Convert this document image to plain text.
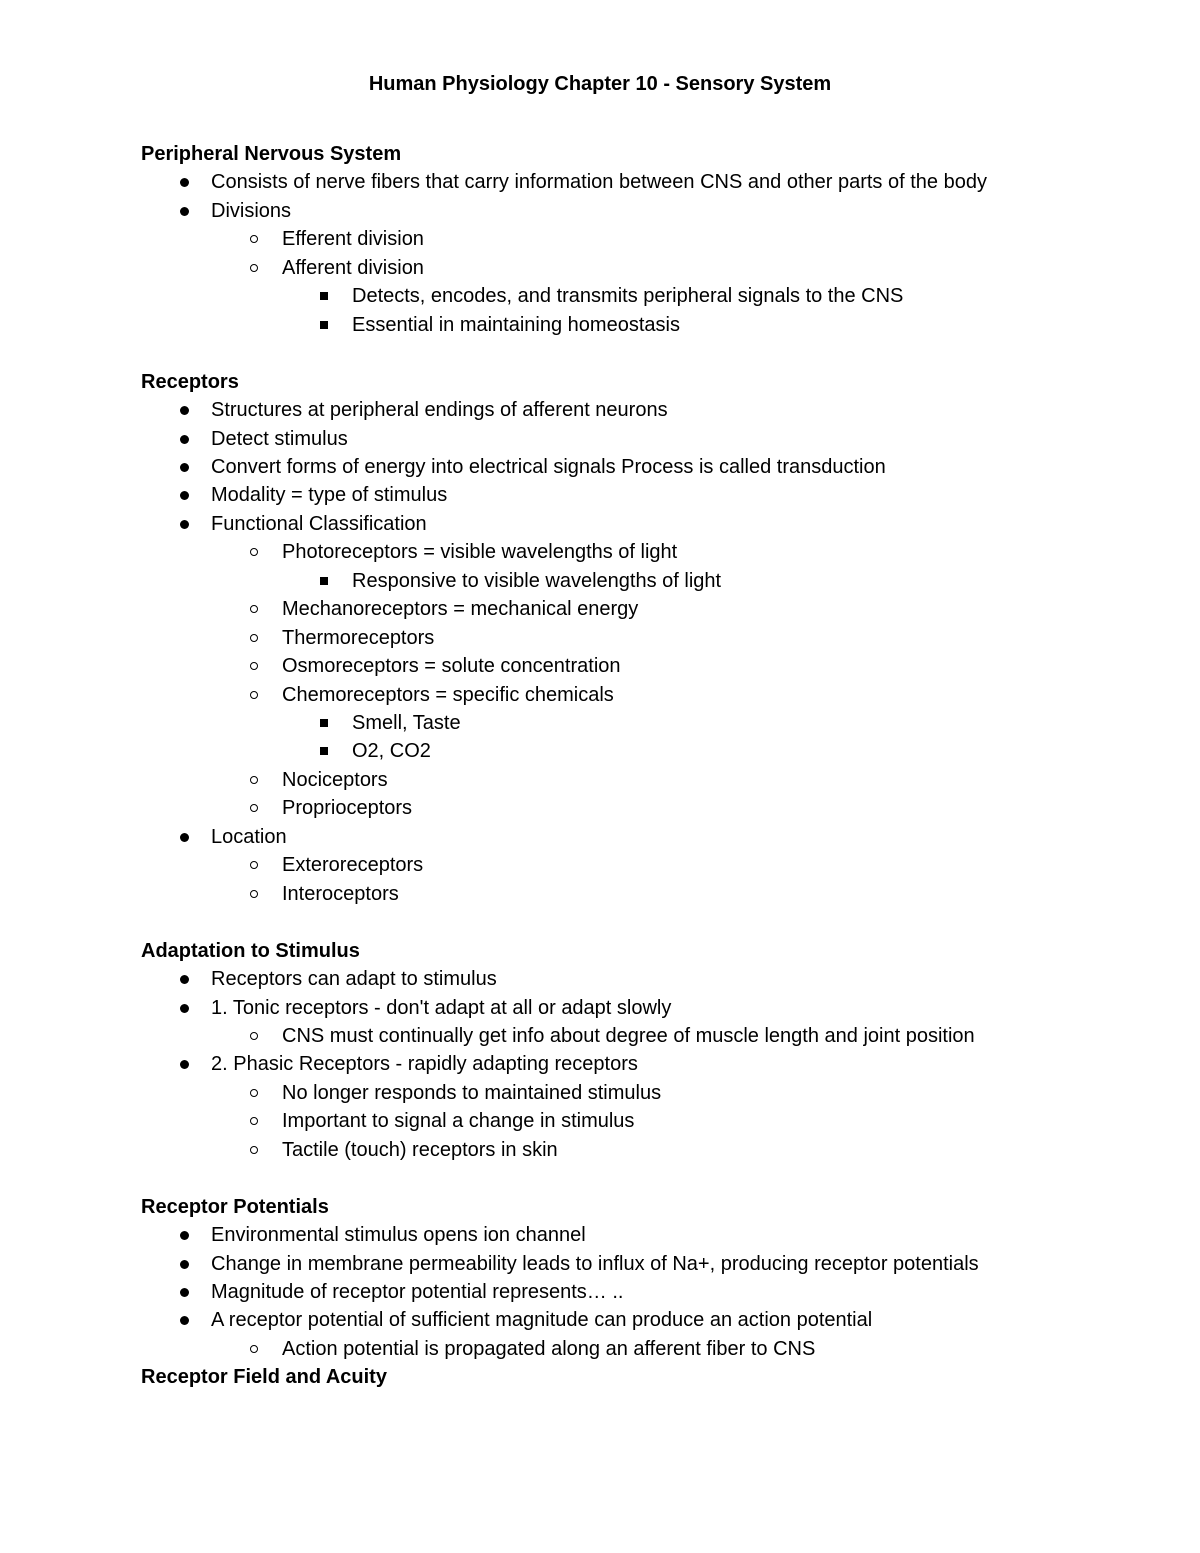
Human Physiology Chapter 10 - Sensory System
Peripheral Nervous System
Consists of nerve fibers that carry information between CNS and other parts of the body
Divisions
Efferent division
Afferent division
Detects, encodes, and transmits peripheral signals to the CNS
Essential in maintaining homeostasis
Receptors
Structures at peripheral endings of afferent neurons
Detect stimulus
Convert forms of energy into electrical signals Process is called transduction
Modality = type of stimulus
Functional Classification
Photoreceptors = visible wavelengths of light
Responsive to visible wavelengths of light
Mechanoreceptors = mechanical energy
Thermoreceptors
Osmoreceptors = solute concentration
Chemoreceptors = specific chemicals
Smell, Taste
O2, CO2
Nociceptors
Proprioceptors
Location
Exteroreceptors
Interoceptors
Adaptation to Stimulus
Receptors can adapt to stimulus
1. Tonic receptors - don't adapt at all or adapt slowly
CNS must continually get info about degree of muscle length and joint position
2. Phasic Receptors - rapidly adapting receptors
No longer responds to maintained stimulus
Important to signal a change in stimulus
Tactile (touch) receptors in skin
Receptor Potentials
Environmental stimulus opens ion channel
Change in membrane permeability leads to influx of Na+, producing receptor potentials
Magnitude of receptor potential represents… ..
A receptor potential of sufficient magnitude can produce an action potential
Action potential is propagated along an afferent fiber to CNS
Receptor Field and Acuity
